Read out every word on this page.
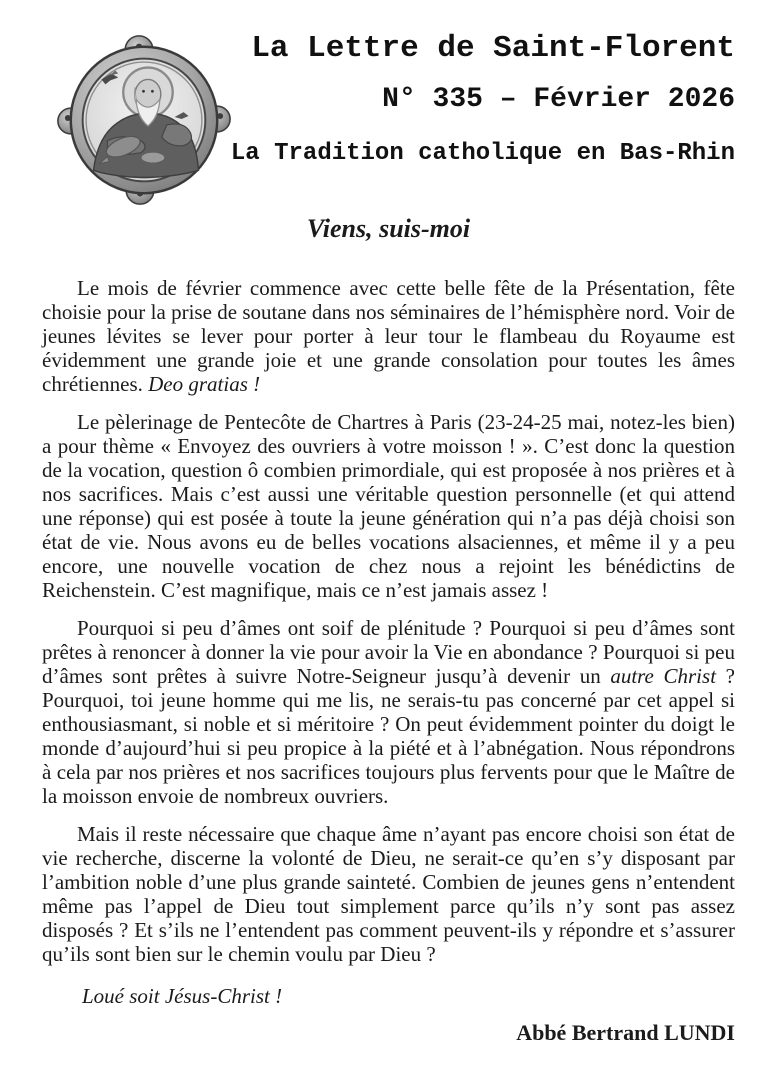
La Lettre de Saint-Florent
N° 335 – Février 2026
La Tradition catholique en Bas-Rhin
Viens, suis-moi

Le mois de février commence avec cette belle fête de la Présentation, fête choisie pour la prise de soutane dans nos séminaires de l’hémisphère nord. Voir de jeunes lévites se lever pour porter à leur tour le flambeau du Royaume est évidemment une grande joie et une grande consolation pour toutes les âmes chrétiennes. Deo gratias !

Le pèlerinage de Pentecôte de Chartres à Paris (23-24-25 mai, notez-les bien) a pour thème « Envoyez des ouvriers à votre moisson ! ». C’est donc la question de la vocation, question ô combien primordiale, qui est proposée à nos prières et à nos sacrifices. Mais c’est aussi une véritable question personnelle (et qui attend une réponse) qui est posée à toute la jeune génération qui n’a pas déjà choisi son état de vie. Nous avons eu de belles vocations alsaciennes, et même il y a peu encore, une nouvelle vocation de chez nous a rejoint les bénédictins de Reichenstein. C’est magnifique, mais ce n’est jamais assez !

Pourquoi si peu d’âmes ont soif de plénitude ? Pourquoi si peu d’âmes sont prêtes à renoncer à donner la vie pour avoir la Vie en abondance ? Pourquoi si peu d’âmes sont prêtes à suivre Notre-Seigneur jusqu’à devenir un autre Christ ? Pourquoi, toi jeune homme qui me lis, ne serais-tu pas concerné par cet appel si enthousiasmant, si noble et si méritoire ? On peut évidemment pointer du doigt le monde d’aujourd’hui si peu propice à la piété et à l’abnégation. Nous répondrons à cela par nos prières et nos sacrifices toujours plus fervents pour que le Maître de la moisson envoie de nombreux ouvriers.

Mais il reste nécessaire que chaque âme n’ayant pas encore choisi son état de vie recherche, discerne la volonté de Dieu, ne serait-ce qu’en s’y disposant par l’ambition noble d’une plus grande sainteté. Combien de jeunes gens n’entendent même pas l’appel de Dieu tout simplement parce qu’ils n’y sont pas assez disposés ? Et s’ils ne l’entendent pas comment peuvent-ils y répondre et s’assurer qu’ils sont bien sur le chemin voulu par Dieu ?

Loué soit Jésus-Christ !

Abbé Bertrand LUNDI
